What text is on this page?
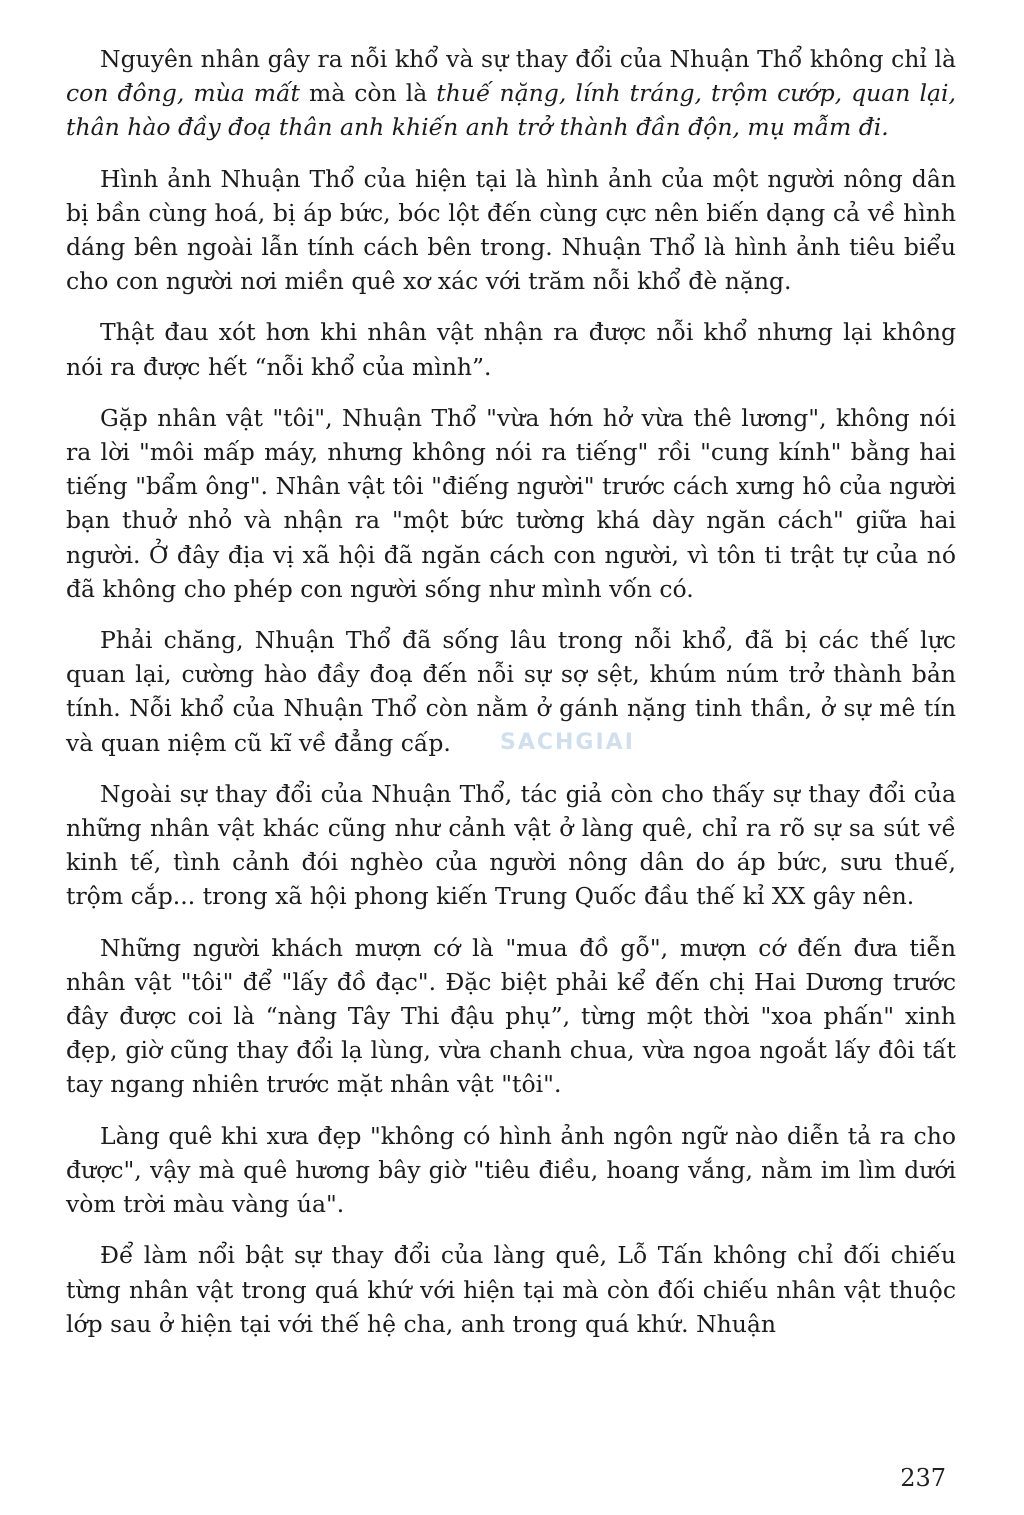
Nguyên nhân gây ra nỗi khổ và sự thay đổi của Nhuận Thổ không chỉ là con đông, mùa mất mà còn là thuế nặng, lính tráng, trộm cướp, quan lại, thân hào đầy đoạ thân anh khiến anh trở thành đần độn, mụ mẫm đi.

Hình ảnh Nhuận Thổ của hiện tại là hình ảnh của một người nông dân bị bần cùng hoá, bị áp bức, bóc lột đến cùng cực nên biến dạng cả về hình dáng bên ngoài lẫn tính cách bên trong. Nhuận Thổ là hình ảnh tiêu biểu cho con người nơi miền quê xơ xác với trăm nỗi khổ đè nặng.

Thật đau xót hơn khi nhân vật nhận ra được nỗi khổ nhưng lại không nói ra được hết “nỗi khổ của mình”.

Gặp nhân vật "tôi", Nhuận Thổ "vừa hớn hở vừa thê lương", không nói ra lời "môi mấp máy, nhưng không nói ra tiếng" rồi "cung kính" bằng hai tiếng "bẩm ông". Nhân vật tôi "điếng người" trước cách xưng hô của người bạn thuở nhỏ và nhận ra "một bức tường khá dày ngăn cách" giữa hai người. Ở đây địa vị xã hội đã ngăn cách con người, vì tôn ti trật tự của nó đã không cho phép con người sống như mình vốn có.

Phải chăng, Nhuận Thổ đã sống lâu trong nỗi khổ, đã bị các thế lực quan lại, cường hào đầy đoạ đến nỗi sự sợ sệt, khúm núm trở thành bản tính. Nỗi khổ của Nhuận Thổ còn nằm ở gánh nặng tinh thần, ở sự mê tín và quan niệm cũ kĩ về đẳng cấp.

Ngoài sự thay đổi của Nhuận Thổ, tác giả còn cho thấy sự thay đổi của những nhân vật khác cũng như cảnh vật ở làng quê, chỉ ra rõ sự sa sút về kinh tế, tình cảnh đói nghèo của người nông dân do áp bức, sưu thuế, trộm cắp... trong xã hội phong kiến Trung Quốc đầu thế kỉ XX gây nên.

Những người khách mượn cớ là "mua đồ gỗ", mượn cớ đến đưa tiễn nhân vật "tôi" để "lấy đồ đạc". Đặc biệt phải kể đến chị Hai Dương trước đây được coi là “nàng Tây Thi đậu phụ”, từng một thời "xoa phấn" xinh đẹp, giờ cũng thay đổi lạ lùng, vừa chanh chua, vừa ngoa ngoắt lấy đôi tất tay ngang nhiên trước mặt nhân vật "tôi".

Làng quê khi xưa đẹp "không có hình ảnh ngôn ngữ nào diễn tả ra cho được", vậy mà quê hương bây giờ "tiêu điều, hoang vắng, nằm im lìm dưới vòm trời màu vàng úa".

Để làm nổi bật sự thay đổi của làng quê, Lỗ Tấn không chỉ đối chiếu từng nhân vật trong quá khứ với hiện tại mà còn đối chiếu nhân vật thuộc lớp sau ở hiện tại với thế hệ cha, anh trong quá khứ. Nhuận

SACHGIAI
237
